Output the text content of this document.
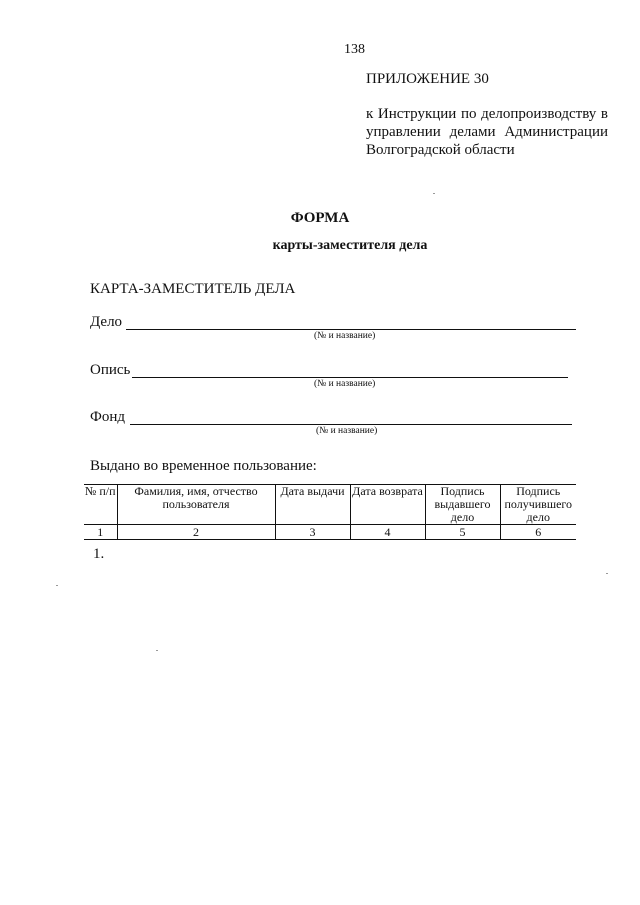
138
ПРИЛОЖЕНИЕ 30
к Инструкции по делопроизводству в управлении делами Администрации Волгоградской области
ФОРМА
карты-заместителя дела
КАРТА-ЗАМЕСТИТЕЛЬ ДЕЛА
Дело
(№ и название)
Опись
(№ и название)
Фонд
(№ и название)
Выдано во временное пользование:
№ п/п	Фамилия, имя, отчество пользователя	Дата выдачи	Дата возврата	Подпись выдавшего дело	Подпись получившего дело
1	2	3	4	5	6
1.
